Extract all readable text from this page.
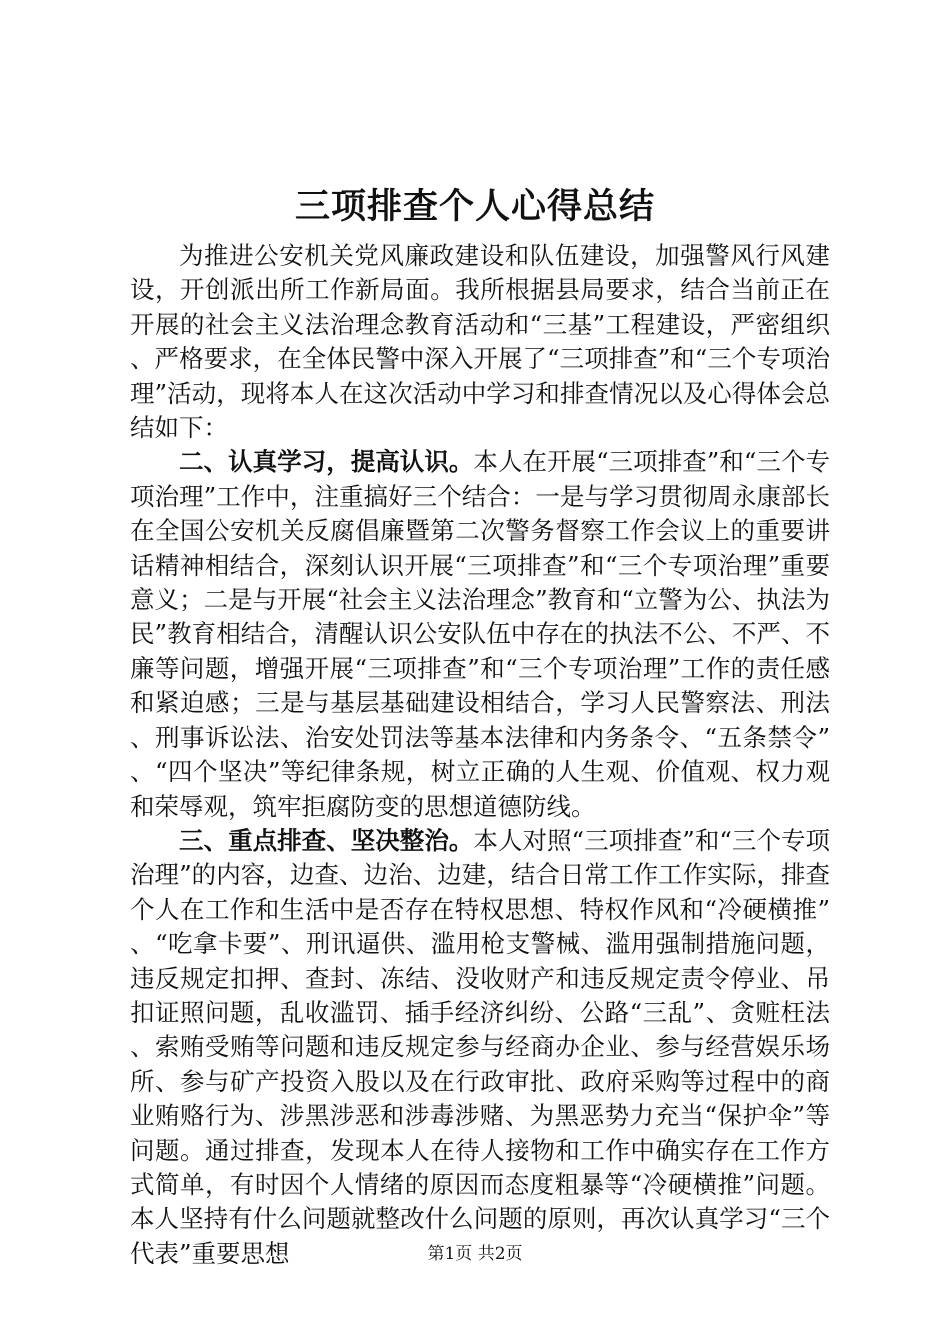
三项排查个人心得总结

为推进公安机关党风廉政建设和队伍建设，加强警风行风建设，开创派出所工作新局面。我所根据县局要求，结合当前正在开展的社会主义法治理念教育活动和“三基”工程建设，严密组织、严格要求，在全体民警中深入开展了“三项排查”和“三个专项治理”活动，现将本人在这次活动中学习和排查情况以及心得体会总结如下：

二、认真学习，提高认识。本人在开展“三项排查”和“三个专项治理”工作中，注重搞好三个结合：一是与学习贯彻周永康部长在全国公安机关反腐倡廉暨第二次警务督察工作会议上的重要讲话精神相结合，深刻认识开展“三项排查”和“三个专项治理”重要意义；二是与开展“社会主义法治理念”教育和“立警为公、执法为民”教育相结合，清醒认识公安队伍中存在的执法不公、不严、不廉等问题，增强开展“三项排查”和“三个专项治理”工作的责任感和紧迫感；三是与基层基础建设相结合，学习人民警察法、刑法、刑事诉讼法、治安处罚法等基本法律和内务条令、“五条禁令”、“四个坚决”等纪律条规，树立正确的人生观、价值观、权力观和荣辱观，筑牢拒腐防变的思想道德防线。

三、重点排查、坚决整治。本人对照“三项排查”和“三个专项治理”的内容，边查、边治、边建，结合日常工作工作实际，排查个人在工作和生活中是否存在特权思想、特权作风和“冷硬横推”、“吃拿卡要”、刑讯逼供、滥用枪支警械、滥用强制措施问题，违反规定扣押、查封、冻结、没收财产和违反规定责令停业、吊扣证照问题，乱收滥罚、插手经济纠纷、公路“三乱”、贪赃枉法、索贿受贿等问题和违反规定参与经商办企业、参与经营娱乐场所、参与矿产投资入股以及在行政审批、政府采购等过程中的商业贿赂行为、涉黑涉恶和涉毒涉赌、为黑恶势力充当“保护伞”等问题。通过排查，发现本人在待人接物和工作中确实存在工作方式简单，有时因个人情绪的原因而态度粗暴等“冷硬横推”问题。本人坚持有什么问题就整改什么问题的原则，再次认真学习“三个代表”重要思想	第1页 共2页
